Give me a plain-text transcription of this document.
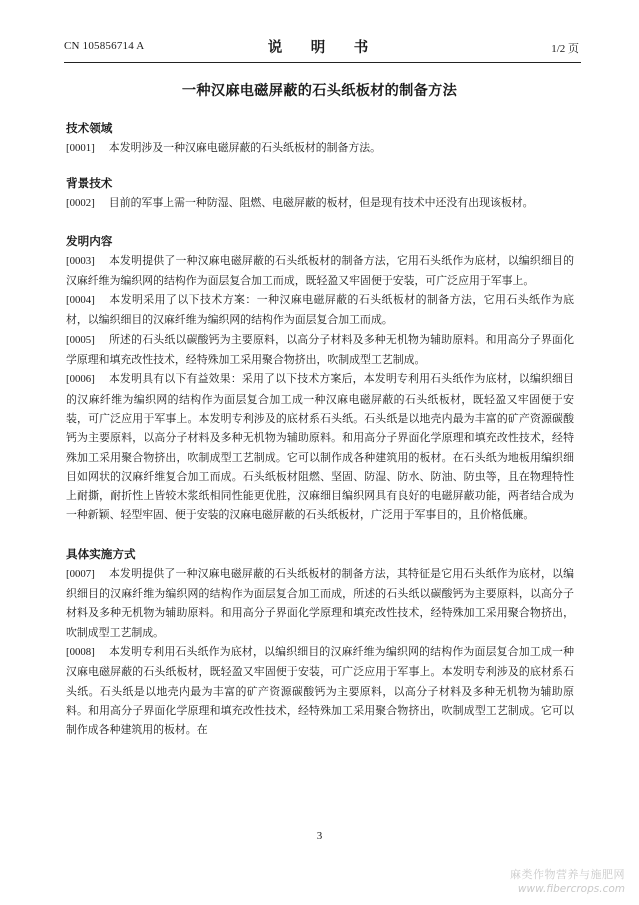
CN 105856714 A	说　明　书	1/2 页
一种汉麻电磁屏蔽的石头纸板材的制备方法
技术领域

[0001] 本发明涉及一种汉麻电磁屏蔽的石头纸板材的制备方法。

背景技术

[0002] 目前的军事上需一种防湿、阻燃、电磁屏蔽的板材，但是现有技术中还没有出现该板材。

发明内容

[0003] 本发明提供了一种汉麻电磁屏蔽的石头纸板材的制备方法，它用石头纸作为底材，以编织细目的汉麻纤维为编织网的结构作为面层复合加工而成，既轻盈又牢固便于安装，可广泛应用于军事上。

[0004] 本发明采用了以下技术方案：一种汉麻电磁屏蔽的石头纸板材的制备方法，它用石头纸作为底材，以编织细目的汉麻纤维为编织网的结构作为面层复合加工而成。

[0005] 所述的石头纸以碳酸钙为主要原料，以高分子材料及多种无机物为辅助原料。和用高分子界面化学原理和填充改性技术，经特殊加工采用聚合物挤出，吹制成型工艺制成。

[0006] 本发明具有以下有益效果：采用了以下技术方案后，本发明专利用石头纸作为底材，以编织细目的汉麻纤维为编织网的结构作为面层复合加工成一种汉麻电磁屏蔽的石头纸板材，既轻盈又牢固便于安装，可广泛应用于军事上。本发明专利涉及的底材系石头纸。石头纸是以地壳内最为丰富的矿产资源碳酸钙为主要原料，以高分子材料及多种无机物为辅助原料。和用高分子界面化学原理和填充改性技术，经特殊加工采用聚合物挤出，吹制成型工艺制成。它可以制作成各种建筑用的板材。在石头纸为地板用编织细目如网状的汉麻纤维复合加工而成。石头纸板材阻燃、坚固、防湿、防水、防油、防虫等，且在物理特性上耐撕，耐折性上皆较木浆纸相同性能更优胜，汉麻细目编织网具有良好的电磁屏蔽功能，两者结合成为一种新颖、轻型牢固、便于安装的汉麻电磁屏蔽的石头纸板材，广泛用于军事目的，且价格低廉。

具体实施方式

[0007] 本发明提供了一种汉麻电磁屏蔽的石头纸板材的制备方法，其特征是它用石头纸作为底材，以编织细目的汉麻纤维为编织网的结构作为面层复合加工而成，所述的石头纸以碳酸钙为主要原料，以高分子材料及多种无机物为辅助原料。和用高分子界面化学原理和填充改性技术，经特殊加工采用聚合物挤出，吹制成型工艺制成。

[0008] 本发明专利用石头纸作为底材，以编织细目的汉麻纤维为编织网的结构作为面层复合加工成一种汉麻电磁屏蔽的石头纸板材，既轻盈又牢固便于安装，可广泛应用于军事上。本发明专利涉及的底材系石头纸。石头纸是以地壳内最为丰富的矿产资源碳酸钙为主要原料，以高分子材料及多种无机物为辅助原料。和用高分子界面化学原理和填充改性技术，经特殊加工采用聚合物挤出，吹制成型工艺制成。它可以制作成各种建筑用的板材。在

3
麻类作物营养与施肥网
www.fibercrops.com
